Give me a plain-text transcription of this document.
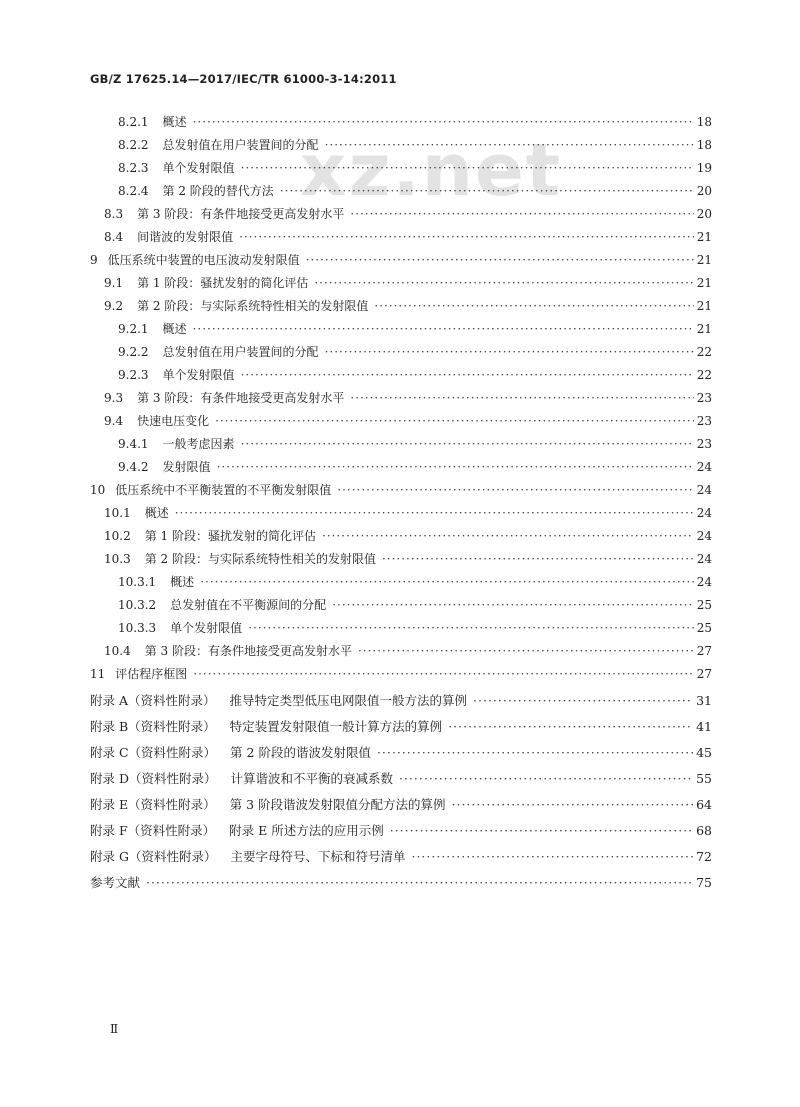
GB/Z 17625.14—2017/IEC/TR 61000-3-14:2011
xz.net
8.2.1 概述 ·····	18
8.2.2 总发射值在用户装置间的分配 ·····	18
8.2.3 单个发射限值 ·····	19
8.2.4 第 2 阶段的替代方法 ·····	20
8.3 第 3 阶段：有条件地接受更高发射水平 ·····	20
8.4 间谐波的发射限值 ·····	21
9 低压系统中装置的电压波动发射限值 ·····	21
9.1 第 1 阶段：骚扰发射的简化评估 ·····	21
9.2 第 2 阶段：与实际系统特性相关的发射限值 ·····	21
9.2.1 概述 ·····	21
9.2.2 总发射值在用户装置间的分配 ·····	22
9.2.3 单个发射限值 ·····	22
9.3 第 3 阶段：有条件地接受更高发射水平 ·····	23
9.4 快速电压变化 ·····	23
9.4.1 一般考虑因素 ·····	23
9.4.2 发射限值 ·····	24
10 低压系统中不平衡装置的不平衡发射限值 ·····	24
10.1 概述 ·····	24
10.2 第 1 阶段：骚扰发射的简化评估 ·····	24
10.3 第 2 阶段：与实际系统特性相关的发射限值 ·····	24
10.3.1 概述 ·····	24
10.3.2 总发射值在不平衡源间的分配 ·····	25
10.3.3 单个发射限值 ·····	25
10.4 第 3 阶段：有条件地接受更高发射水平 ·····	27
11 评估程序框图 ·····	27
附录 A（资料性附录） 推导特定类型低压电网限值一般方法的算例 ·····	31
附录 B（资料性附录） 特定装置发射限值一般计算方法的算例 ·····	41
附录 C（资料性附录） 第 2 阶段的谐波发射限值 ·····	45
附录 D（资料性附录） 计算谐波和不平衡的衰减系数 ·····	55
附录 E（资料性附录） 第 3 阶段谐波发射限值分配方法的算例 ·····	64
附录 F（资料性附录） 附录 E 所述方法的应用示例 ·····	68
附录 G（资料性附录） 主要字母符号、下标和符号清单 ·····	72
参考文献 ·····	75
Ⅱ
